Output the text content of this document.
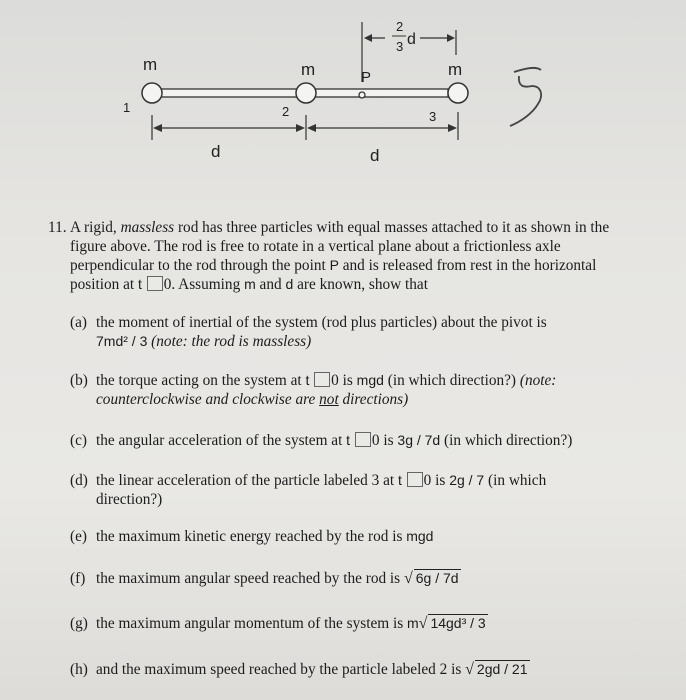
2
3 d
m	m	m
P
1	2	3
d	d
11. A rigid, massless rod has three particles with equal masses attached to it as shown in the figure above. The rod is free to rotate in a vertical plane about a frictionless axle perpendicular to the rod through the point P and is released from rest in the horizontal position at t 0. Assuming m and d are known, show that
(a) the moment of inertial of the system (rod plus particles) about the pivot is
7md² / 3 (note: the rod is massless)
(b) the torque acting on the system at t 0 is mgd (in which direction?) (note:
counterclockwise and clockwise are not directions)
(c) the angular acceleration of the system at t 0 is 3g / 7d (in which direction?)
(d) the linear acceleration of the particle labeled 3 at t 0 is 2g / 7 (in which
direction?)
(e) the maximum kinetic energy reached by the rod is mgd
(f) the maximum angular speed reached by the rod is √ 6g / 7d
(g) the maximum angular momentum of the system is m√ 14gd³ / 3
(h) and the maximum speed reached by the particle labeled 2 is √ 2gd / 21
